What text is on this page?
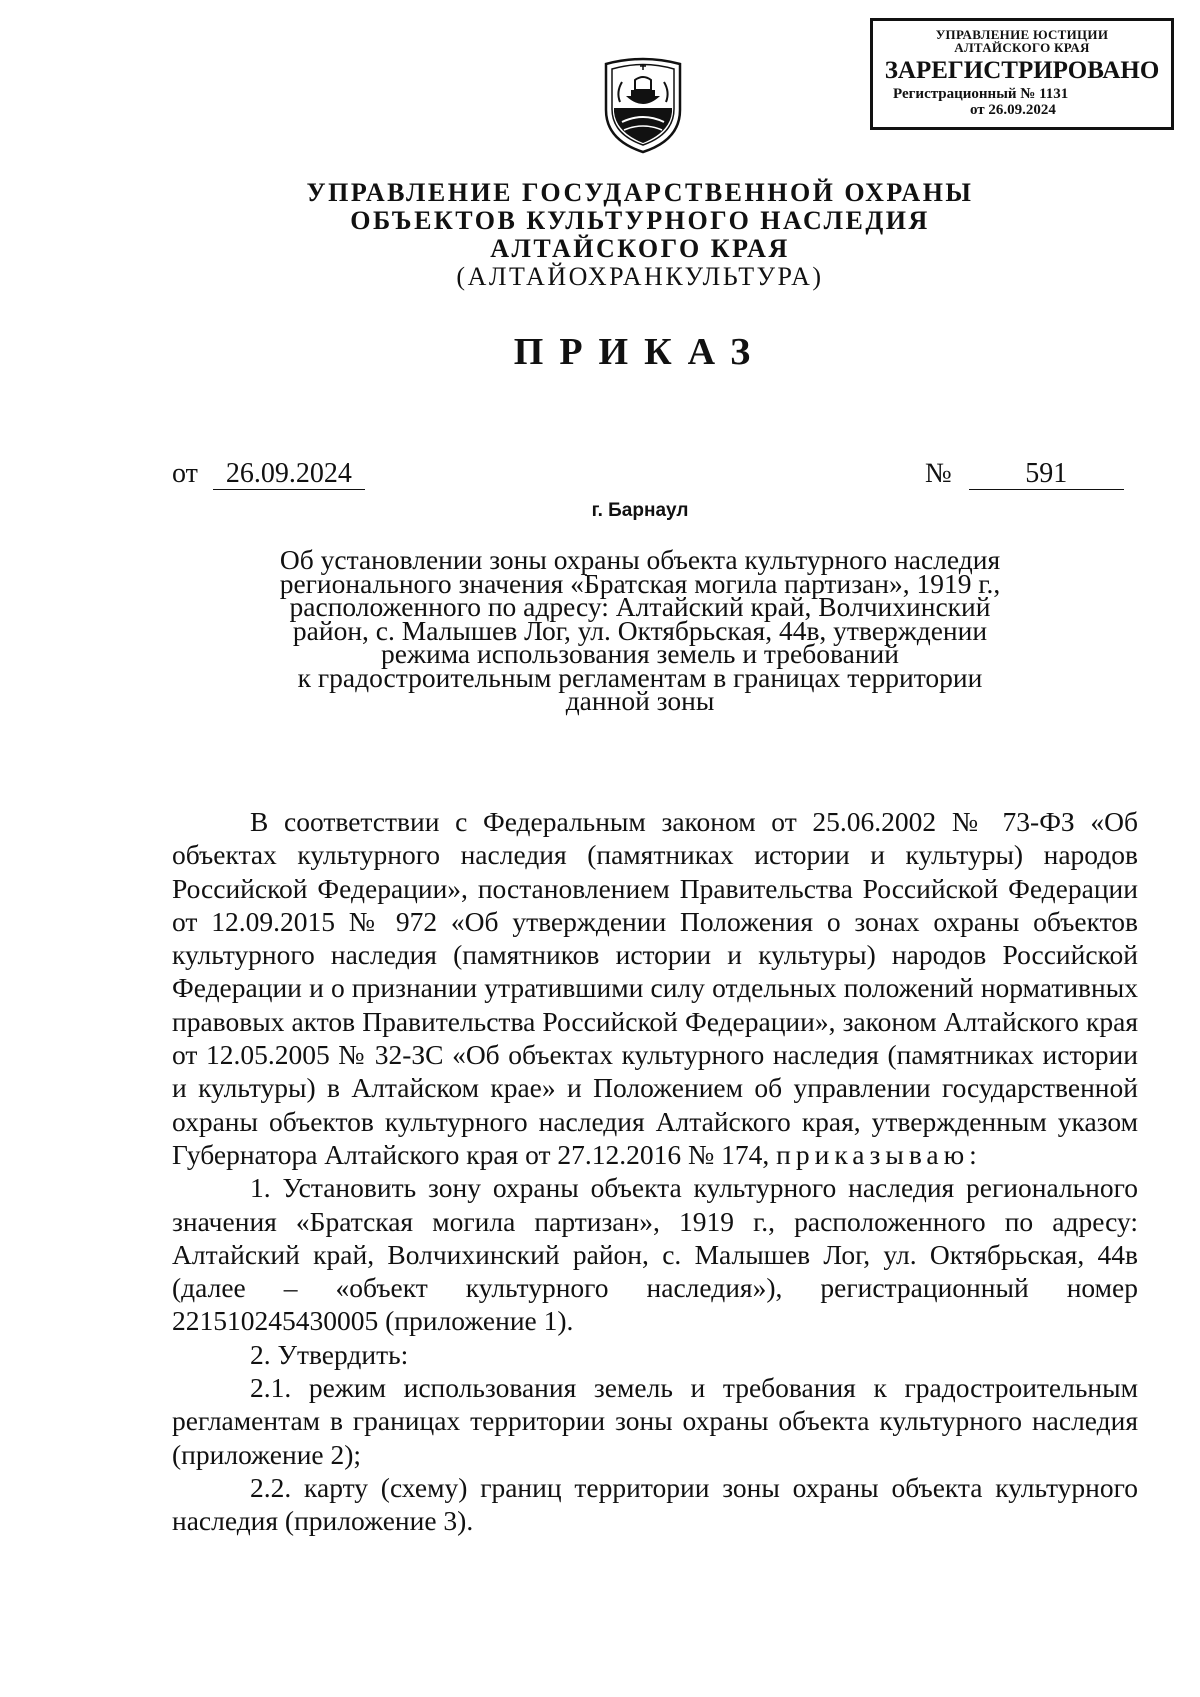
УПРАВЛЕНИЕ ЮСТИЦИИ
АЛТАЙСКОГО КРАЯ
ЗАРЕГИСТРИРОВАНО
Регистрационный № 1131
от 26.09.2024
УПРАВЛЕНИЕ ГОСУДАРСТВЕННОЙ ОХРАНЫ
ОБЪЕКТОВ КУЛЬТУРНОГО НАСЛЕДИЯ
АЛТАЙСКОГО КРАЯ
(АЛТАЙОХРАНКУЛЬТУРА)
ПРИКАЗ
от 26.09.2024	№	591
г. Барнаул
Об установлении зоны охраны объекта культурного наследия
регионального значения «Братская могила партизан», 1919 г.,
расположенного по адресу: Алтайский край, Волчихинский
район, с. Малышев Лог, ул. Октябрьская, 44в, утверждении
режима использования земель и требований
к градостроительным регламентам в границах территории
данной зоны

В соответствии с Федеральным законом от 25.06.2002 № 73-ФЗ «Об объектах культурного наследия (памятниках истории и культуры) народов Российской Федерации», постановлением Правительства Российской Федерации от 12.09.2015 № 972 «Об утверждении Положения о зонах охраны объектов культурного наследия (памятников истории и культуры) народов Российской Федерации и о признании утратившими силу отдельных положений нормативных правовых актов Правительства Российской Федерации», законом Алтайского края от 12.05.2005 № 32-ЗС «Об объектах культурного наследия (памятниках истории и культуры) в Алтайском крае» и Положением об управлении государственной охраны объектов культурного наследия Алтайского края, утвержденным указом Губернатора Алтайского края от 27.12.2016 № 174, приказываю:

1. Установить зону охраны объекта культурного наследия регионального значения «Братская могила партизан», 1919 г., расположенного по адресу: Алтайский край, Волчихинский район, с. Малышев Лог, ул. Октябрьская, 44в (далее – «объект культурного наследия»), регистрационный номер 221510245430005 (приложение 1).

2. Утвердить:

2.1. режим использования земель и требования к градостроительным регламентам в границах территории зоны охраны объекта культурного наследия (приложение 2);

2.2. карту (схему) границ территории зоны охраны объекта культурного наследия (приложение 3).
